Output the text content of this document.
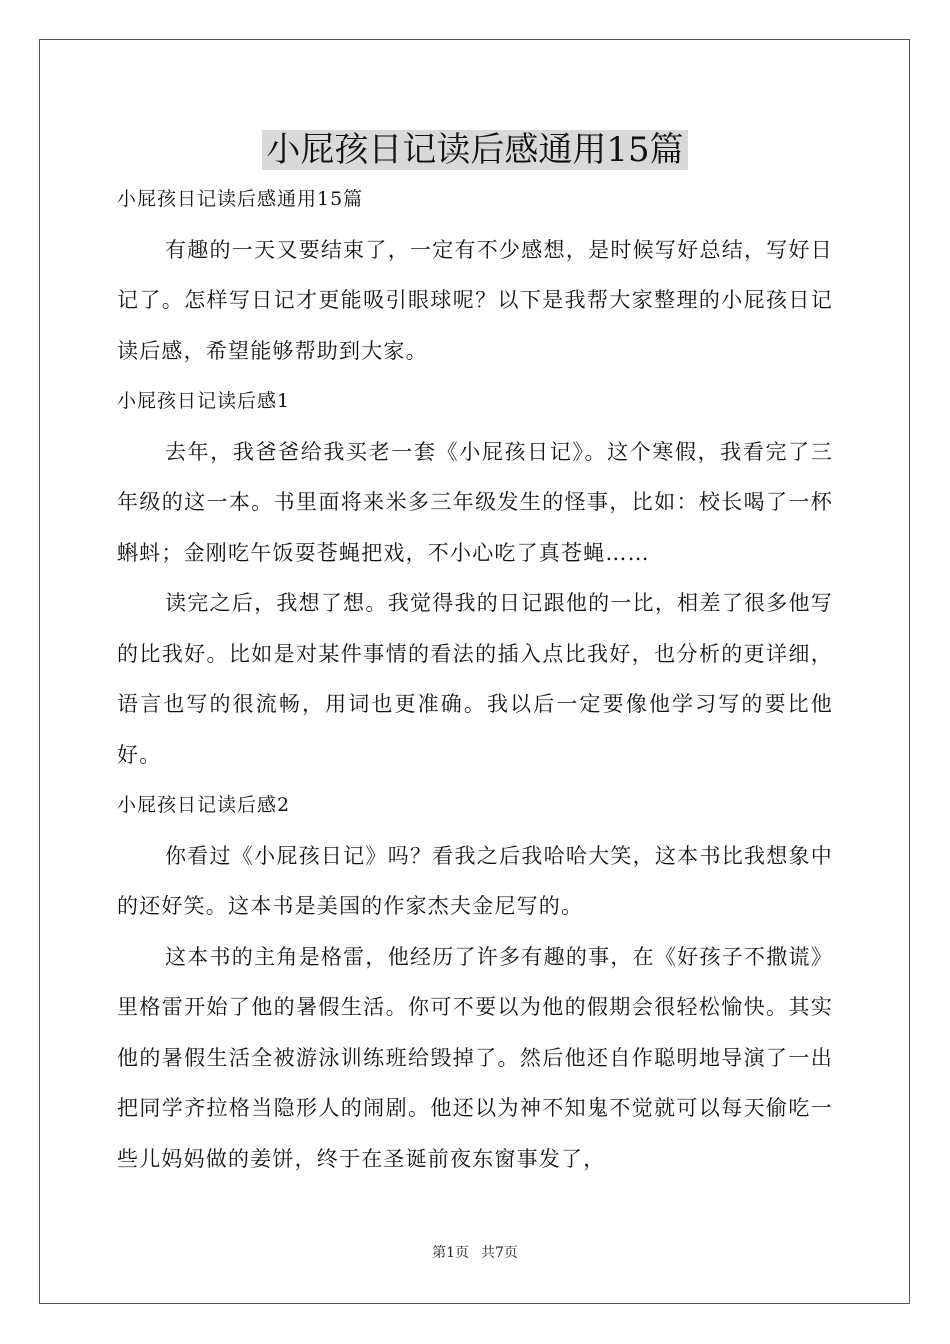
小屁孩日记读后感通用15篇

小屁孩日记读后感通用15篇

有趣的一天又要结束了，一定有不少感想，是时候写好总结，写好日记了。怎样写日记才更能吸引眼球呢？以下是我帮大家整理的小屁孩日记读后感，希望能够帮助到大家。

小屁孩日记读后感1

去年，我爸爸给我买老一套《小屁孩日记》。这个寒假，我看完了三年级的这一本。书里面将来米多三年级发生的怪事，比如：校长喝了一杯蝌蚪；金刚吃午饭耍苍蝇把戏，不小心吃了真苍蝇……

读完之后，我想了想。我觉得我的日记跟他的一比，相差了很多他写的比我好。比如是对某件事情的看法的插入点比我好，也分析的更详细，语言也写的很流畅，用词也更准确。我以后一定要像他学习写的要比他好。

小屁孩日记读后感2

你看过《小屁孩日记》吗？看我之后我哈哈大笑，这本书比我想象中的还好笑。这本书是美国的作家杰夫金尼写的。

这本书的主角是格雷，他经历了许多有趣的事，在《好孩子不撒谎》里格雷开始了他的暑假生活。你可不要以为他的假期会很轻松愉快。其实他的暑假生活全被游泳训练班给毁掉了。然后他还自作聪明地导演了一出把同学齐拉格当隐形人的闹剧。他还以为神不知鬼不觉就可以每天偷吃一些儿妈妈做的姜饼，终于在圣诞前夜东窗事发了，

第1页 共7页
